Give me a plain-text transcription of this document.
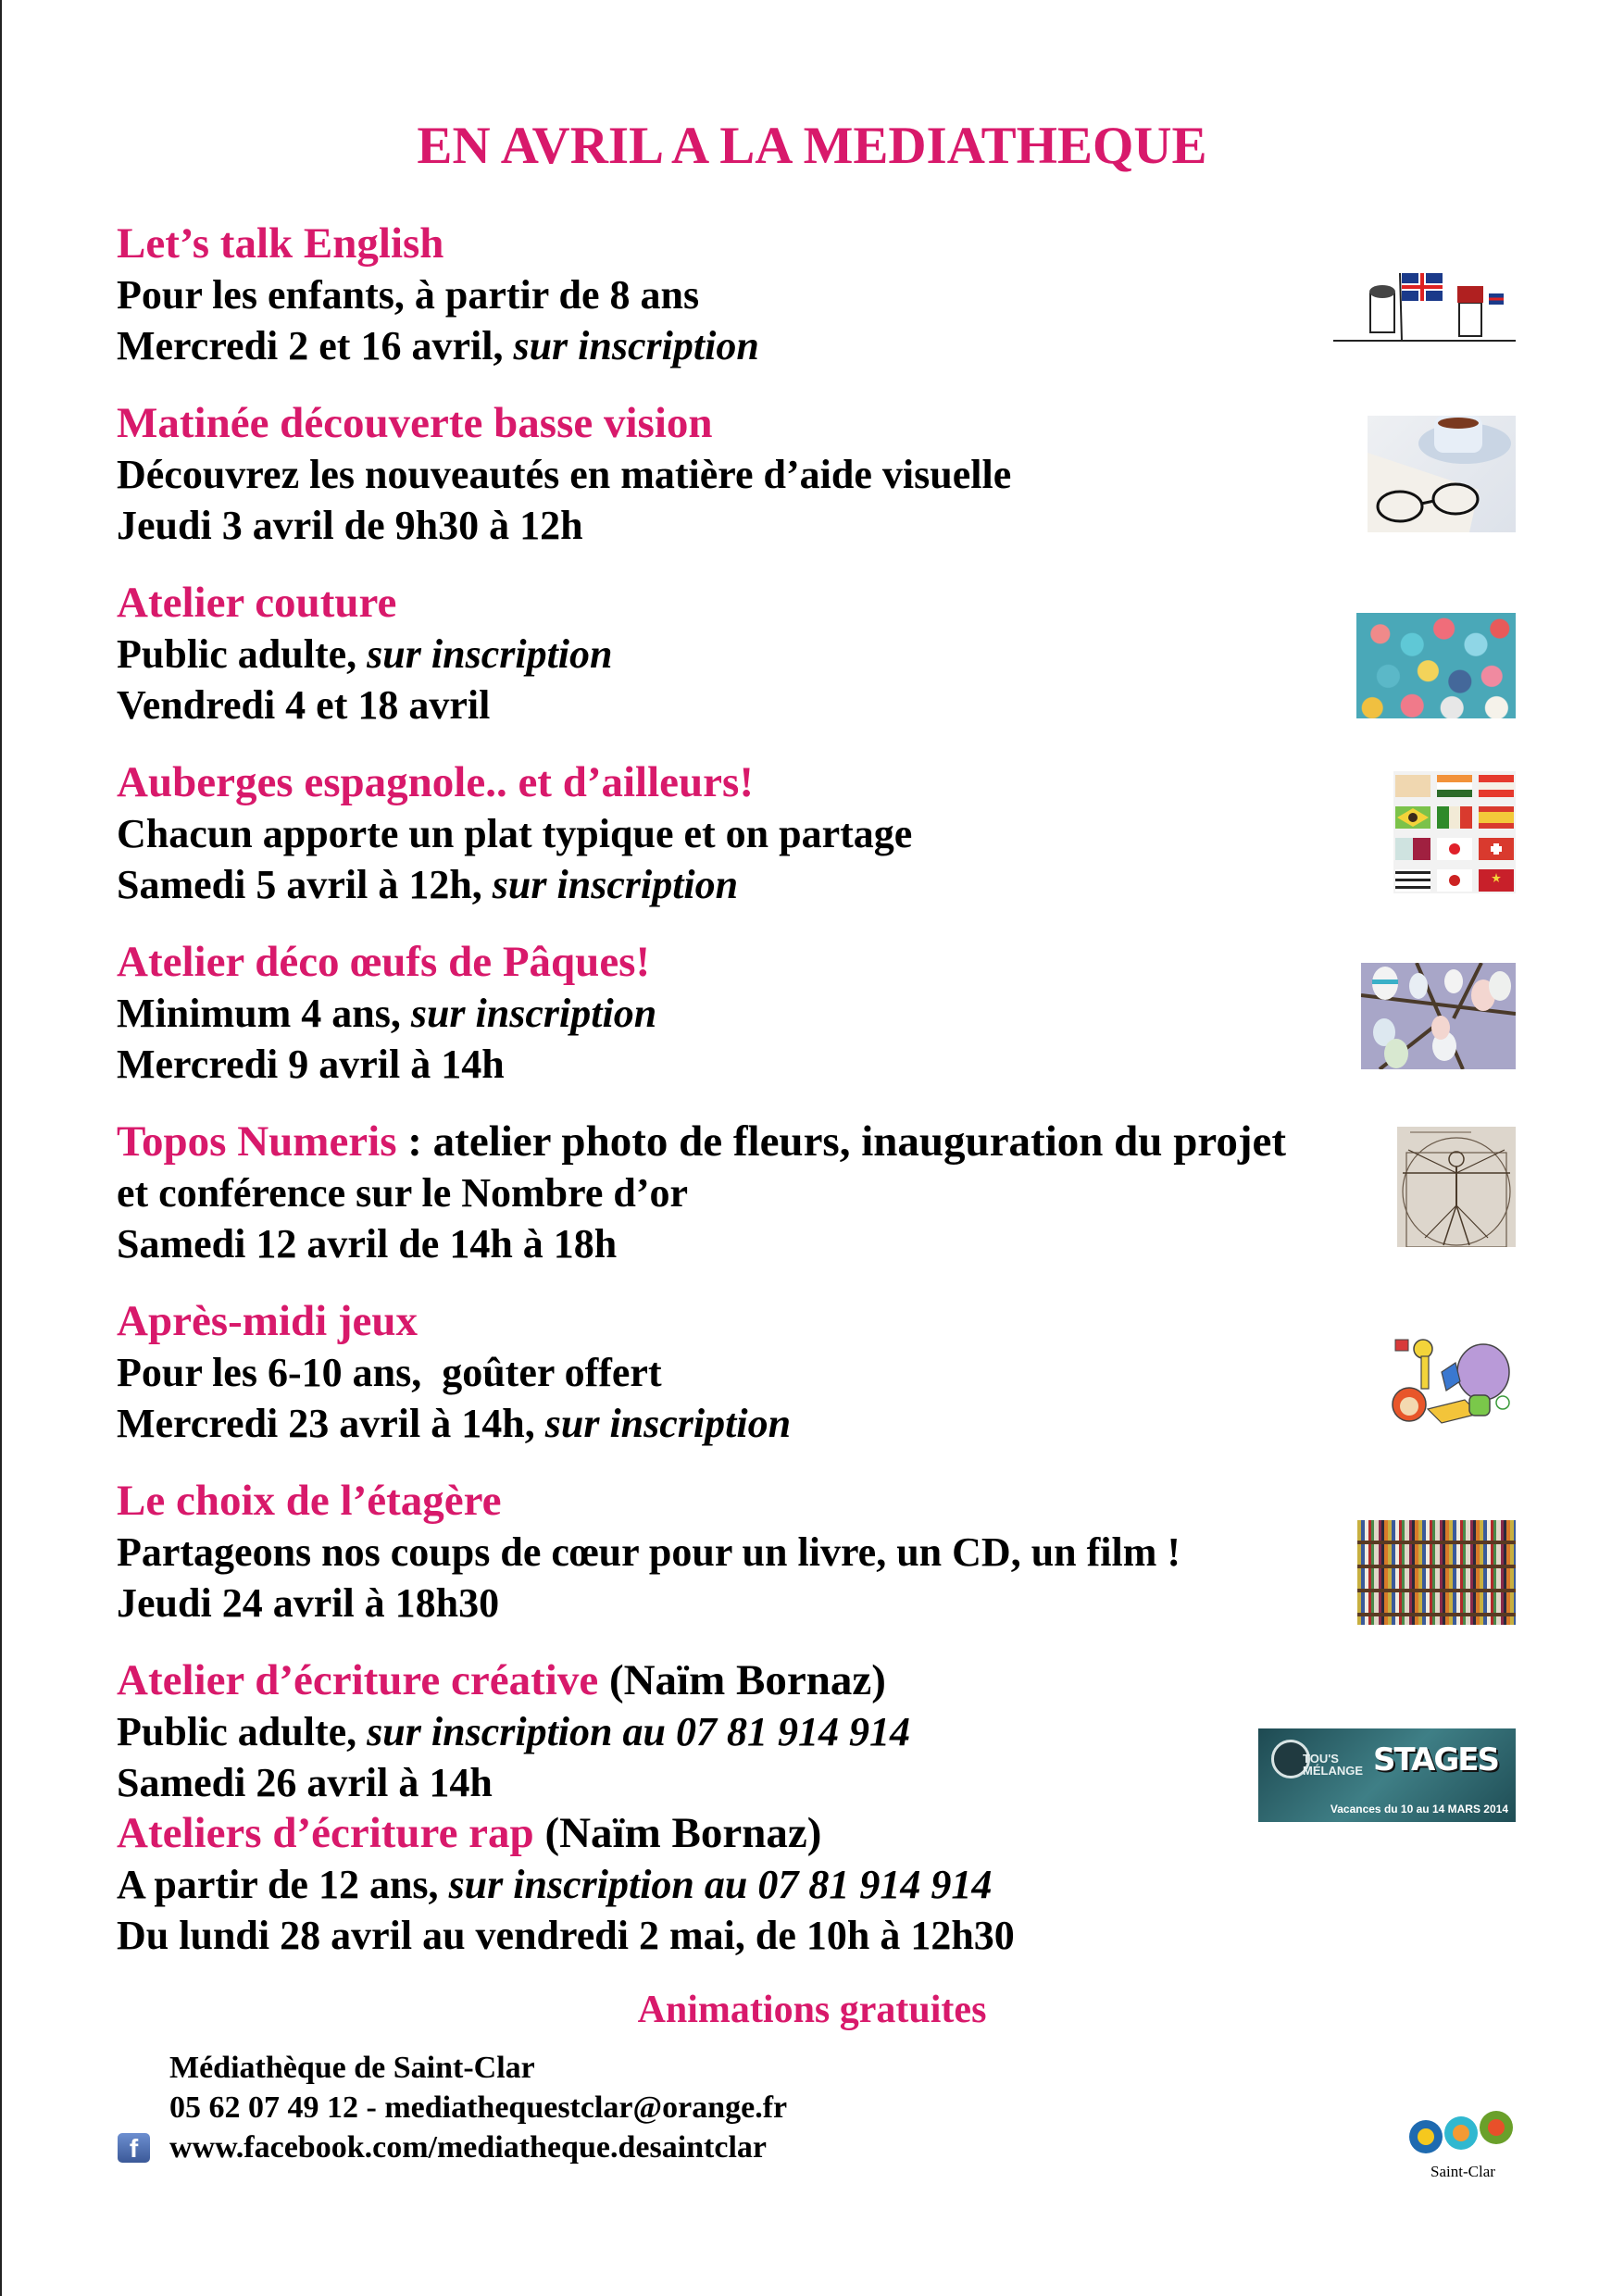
EN AVRIL A LA MEDIATHEQUE
Let’s talk English
Pour les enfants, à partir de 8 ans
Mercredi 2 et 16 avril, sur inscription
Matinée découverte basse vision
Découvrez les nouveautés en matière d’aide visuelle
Jeudi 3 avril de 9h30 à 12h
Atelier couture
Public adulte, sur inscription
Vendredi 4 et 18 avril
Auberges espagnole.. et d’ailleurs!
Chacun apporte un plat typique et on partage
Samedi 5 avril à 12h, sur inscription
Atelier déco œufs de Pâques!
Minimum 4 ans, sur inscription
Mercredi 9 avril à 14h
Topos Numeris : atelier photo de fleurs, inauguration du projet
et conférence sur le Nombre d’or
Samedi 12 avril de 14h à 18h
Après-midi jeux
Pour les 6-10 ans,  goûter offert
Mercredi 23 avril à 14h, sur inscription
Le choix de l’étagère
Partageons nos coups de cœur pour un livre, un CD, un film !
Jeudi 24 avril à 18h30
Atelier d’écriture créative (Naïm Bornaz)
Public adulte, sur inscription au 07 81 914 914
Samedi 26 avril à 14h
Ateliers d’écriture rap (Naïm Bornaz)
A partir de 12 ans, sur inscription au 07 81 914 914
Du lundi 28 avril au vendredi 2 mai, de 10h à 12h30
TOU'S
MÉLANGE STAGES
Vacances du 10 au 14 MARS 2014
Animations gratuites
Médiathèque de Saint-Clar
05 62 07 49 12 - mediathequestclar@orange.fr
www.facebook.com/mediatheque.desaintclar
f
Saint-Clar
